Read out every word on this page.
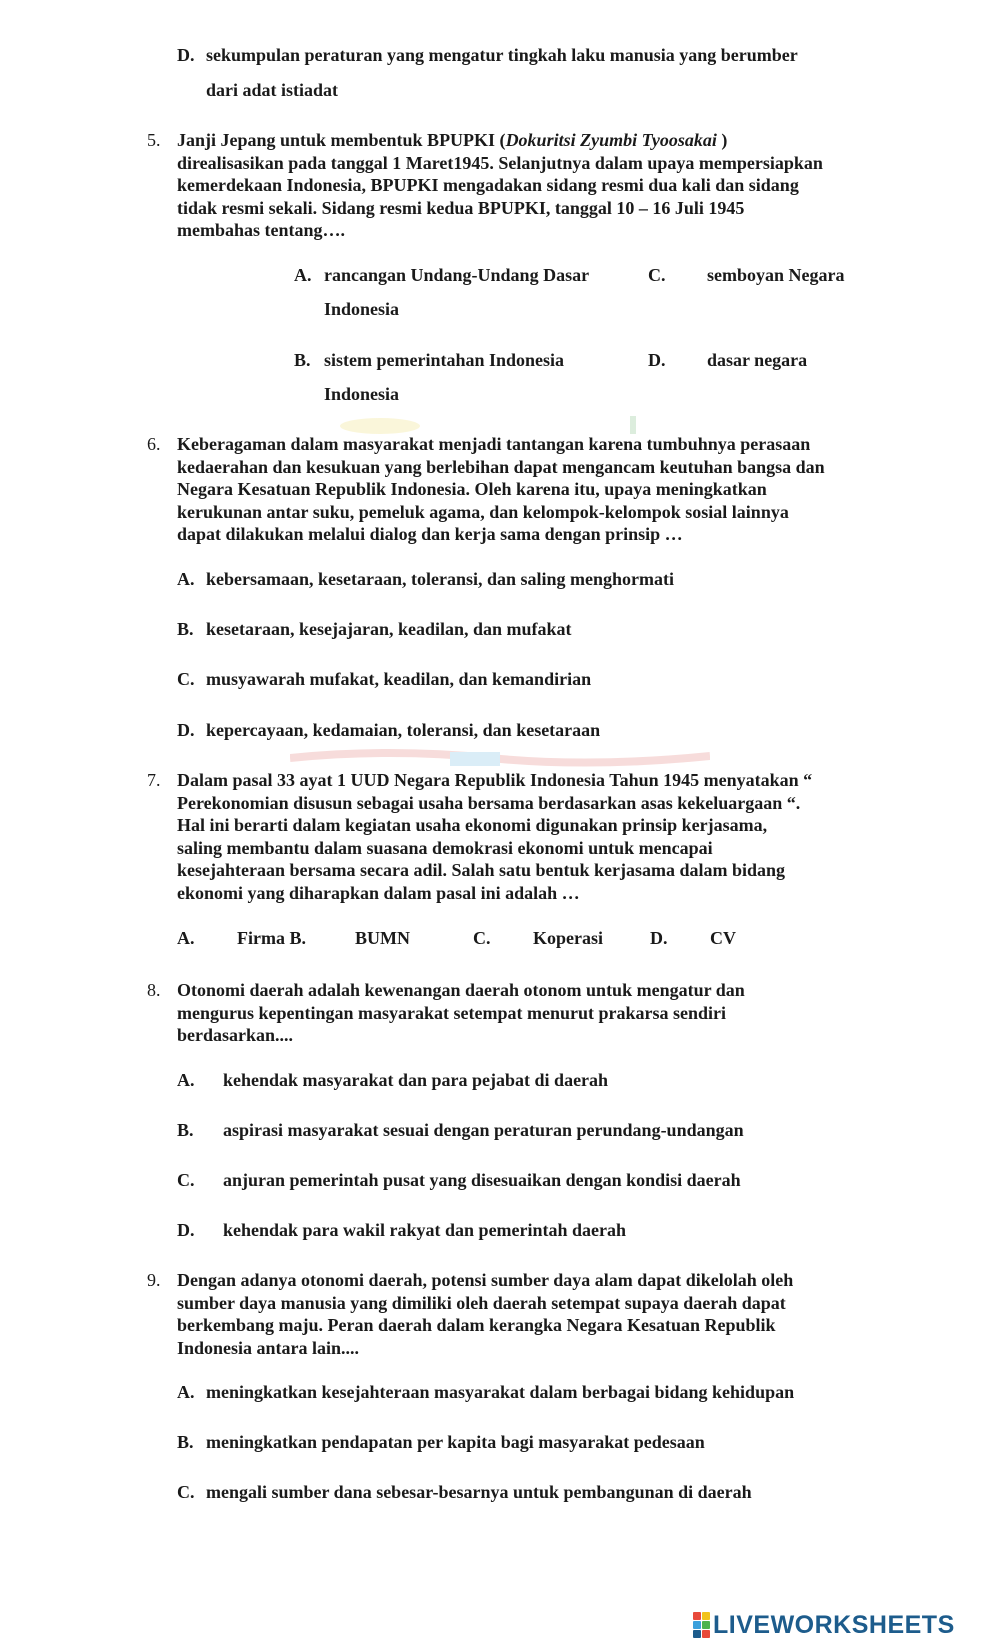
D. sekumpulan peraturan yang mengatur tingkah laku manusia yang berumber
dari adat istiadat
5. Janji Jepang untuk membentuk BPUPKI (Dokuritsi Zyumbi Tyoosakai )
direalisasikan pada tanggal 1 Maret1945. Selanjutnya dalam upaya mempersiapkan
kemerdekaan Indonesia, BPUPKI mengadakan sidang resmi dua kali dan sidang
tidak resmi sekali. Sidang resmi kedua BPUPKI, tanggal 10 – 16 Juli 1945
membahas tentang….
A. rancangan Undang-Undang Dasar
Indonesia
C. semboyan Negara
B. sistem pemerintahan Indonesia
Indonesia
D. dasar negara
6. Keberagaman dalam masyarakat menjadi tantangan karena tumbuhnya perasaan
kedaerahan dan kesukuan yang berlebihan dapat mengancam keutuhan bangsa dan
Negara Kesatuan Republik Indonesia. Oleh karena itu, upaya meningkatkan
kerukunan antar suku, pemeluk agama, dan kelompok-kelompok sosial lainnya
dapat dilakukan melalui dialog dan kerja sama dengan prinsip …
A. kebersamaan, kesetaraan, toleransi, dan saling menghormati
B. kesetaraan, kesejajaran, keadilan, dan mufakat
C. musyawarah mufakat, keadilan, dan kemandirian
D. kepercayaan, kedamaian, toleransi, dan kesetaraan
7. Dalam pasal 33 ayat 1 UUD Negara Republik Indonesia Tahun 1945 menyatakan “
Perekonomian disusun sebagai usaha bersama berdasarkan asas kekeluargaan “.
Hal ini berarti dalam kegiatan usaha ekonomi digunakan prinsip kerjasama,
saling membantu dalam suasana demokrasi ekonomi untuk mencapai
kesejahteraan bersama secara adil. Salah satu bentuk kerjasama dalam bidang
ekonomi yang diharapkan dalam pasal ini adalah …
A. Firma B.	BUMN	C. Koperasi	D. CV
8. Otonomi daerah adalah kewenangan daerah otonom untuk mengatur dan
mengurus kepentingan masyarakat setempat menurut prakarsa sendiri
berdasarkan....
A. kehendak masyarakat dan para pejabat di daerah
B. aspirasi masyarakat sesuai dengan peraturan perundang-undangan
C. anjuran pemerintah pusat yang disesuaikan dengan kondisi daerah
D. kehendak para wakil rakyat dan pemerintah daerah
9. Dengan adanya otonomi daerah, potensi sumber daya alam dapat dikelolah oleh
sumber daya manusia yang dimiliki oleh daerah setempat supaya daerah dapat
berkembang maju. Peran daerah dalam kerangka Negara Kesatuan Republik
Indonesia antara lain....
A. meningkatkan kesejahteraan masyarakat dalam berbagai bidang kehidupan
B. meningkatkan pendapatan per kapita bagi masyarakat pedesaan
C. mengali sumber dana sebesar-besarnya untuk pembangunan di daerah
LIVEWORKSHEETS
